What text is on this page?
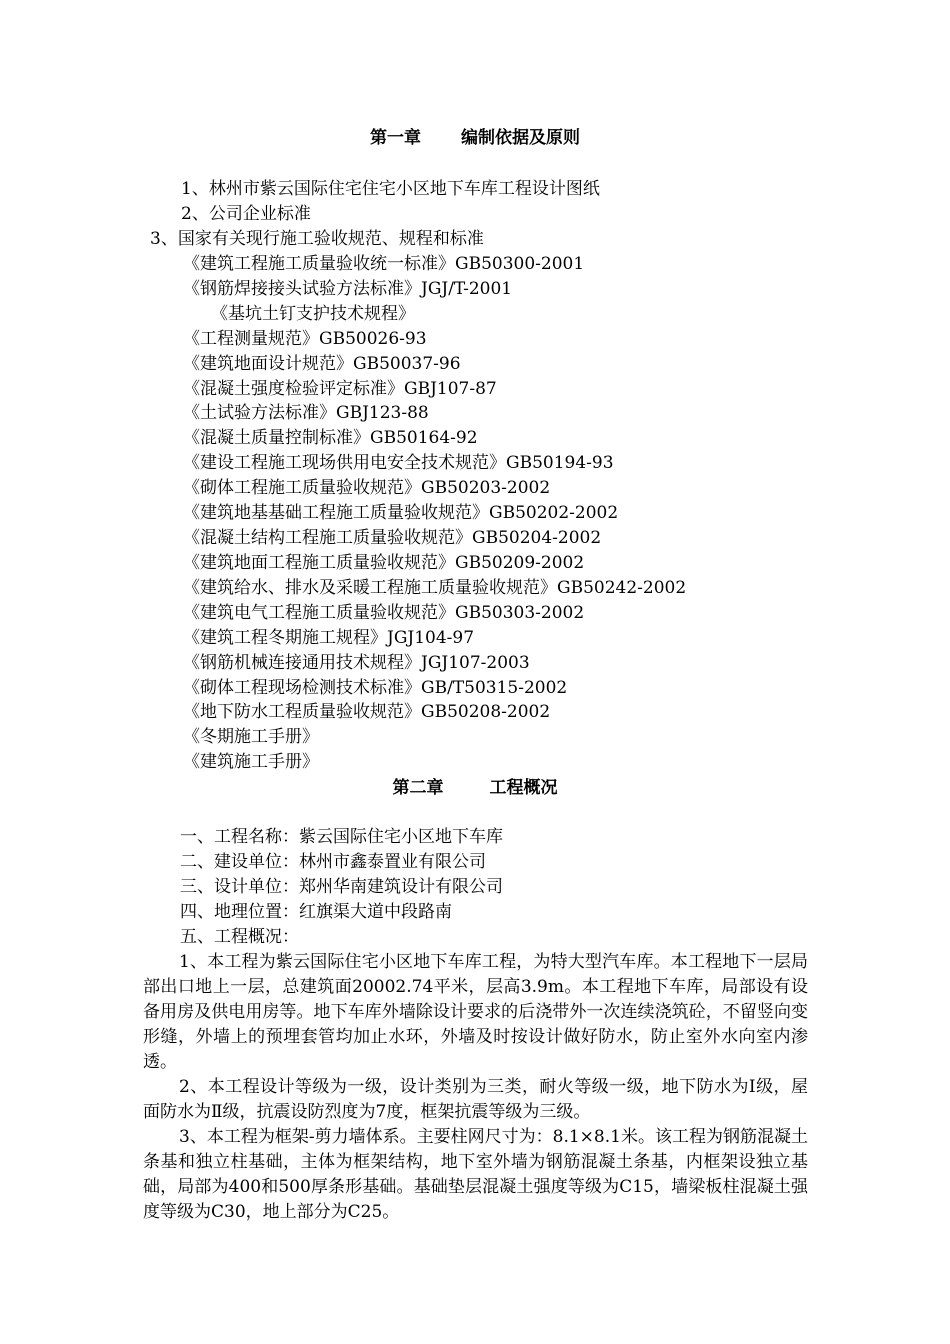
第一章 编制依据及原则
1、林州市紫云国际住宅住宅小区地下车库工程设计图纸
2、公司企业标准
3、国家有关现行施工验收规范、规程和标准
《建筑工程施工质量验收统一标准》GB50300-2001
《钢筋焊接接头试验方法标准》JGJ/T-2001
《基坑土钉支护技术规程》
《工程测量规范》GB50026-93
《建筑地面设计规范》GB50037-96
《混凝土强度检验评定标准》GBJ107-87
《土试验方法标准》GBJ123-88
《混凝土质量控制标准》GB50164-92
《建设工程施工现场供用电安全技术规范》GB50194-93
《砌体工程施工质量验收规范》GB50203-2002
《建筑地基基础工程施工质量验收规范》GB50202-2002
《混凝土结构工程施工质量验收规范》GB50204-2002
《建筑地面工程施工质量验收规范》GB50209-2002
《建筑给水、排水及采暖工程施工质量验收规范》GB50242-2002
《建筑电气工程施工质量验收规范》GB50303-2002
《建筑工程冬期施工规程》JGJ104-97
《钢筋机械连接通用技术规程》JGJ107-2003
《砌体工程现场检测技术标准》GB/T50315-2002
《地下防水工程质量验收规范》GB50208-2002
《冬期施工手册》
《建筑施工手册》
第二章	工程概况
一、工程名称：紫云国际住宅小区地下车库
二、建设单位：林州市鑫泰置业有限公司
三、设计单位：郑州华南建筑设计有限公司
四、地理位置：红旗渠大道中段路南
五、工程概况：
1、本工程为紫云国际住宅小区地下车库工程，为特大型汽车库。本工程地下一层局部出口地上一层，总建筑面20002.74平米，层高3.9m。本工程地下车库，局部设有设备用房及供电用房等。地下车库外墙除设计要求的后浇带外一次连续浇筑砼，不留竖向变形缝，外墙上的预埋套管均加止水环，外墙及时按设计做好防水，防止室外水向室内渗透。
2、本工程设计等级为一级，设计类别为三类，耐火等级一级，地下防水为Ⅰ级，屋面防水为Ⅱ级，抗震设防烈度为7度，框架抗震等级为三级。
3、本工程为框架-剪力墙体系。主要柱网尺寸为：8.1×8.1米。该工程为钢筋混凝土条基和独立柱基础，主体为框架结构，地下室外墙为钢筋混凝土条基，内框架设独立基础，局部为400和500厚条形基础。基础垫层混凝土强度等级为C15，墙梁板柱混凝土强度等级为C30，地上部分为C25。
